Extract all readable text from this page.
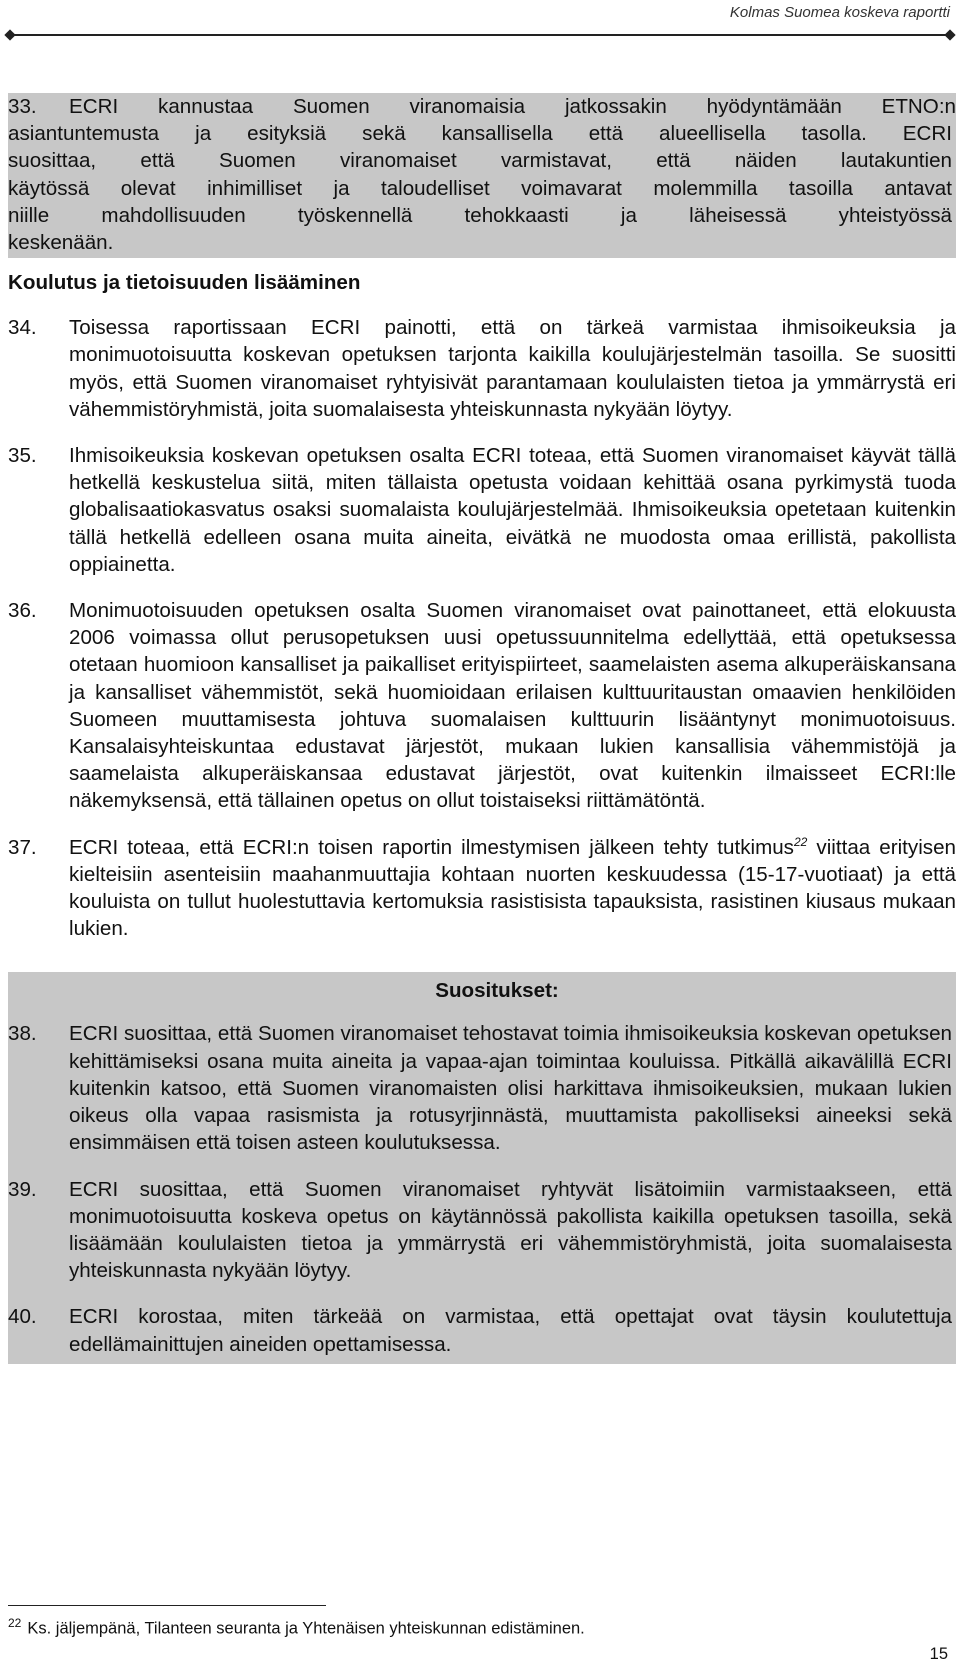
Kolmas Suomea koskeva raportti
33.	ECRI kannustaa Suomen viranomaisia jatkossakin hyödyntämään ETNO:n
asiantuntemusta ja esityksiä sekä kansallisella että alueellisella tasolla. ECRI
suosittaa, että Suomen viranomaiset varmistavat, että näiden lautakuntien
käytössä olevat inhimilliset ja taloudelliset voimavarat molemmilla tasoilla antavat
niille mahdollisuuden työskennellä tehokkaasti ja läheisessä yhteistyössä
keskenään.
Koulutus ja tietoisuuden lisääminen
34.	Toisessa raportissaan ECRI painotti, että on tärkeä varmistaa ihmisoikeuksia ja monimuotoisuutta koskevan opetuksen tarjonta kaikilla koulujärjestelmän tasoilla. Se suositti myös, että Suomen viranomaiset ryhtyisivät parantamaan koululaisten tietoa ja ymmärrystä eri vähemmistöryhmistä, joita suomalaisesta yhteiskunnasta nykyään löytyy.
35.	Ihmisoikeuksia koskevan opetuksen osalta ECRI toteaa, että Suomen viranomaiset käyvät tällä hetkellä keskustelua siitä, miten tällaista opetusta voidaan kehittää osana pyrkimystä tuoda globalisaatiokasvatus osaksi suomalaista koulujärjestelmää. Ihmisoikeuksia opetetaan kuitenkin tällä hetkellä edelleen osana muita aineita, eivätkä ne muodosta omaa erillistä, pakollista oppiainetta.
36.	Monimuotoisuuden opetuksen osalta Suomen viranomaiset ovat painottaneet, että elokuusta 2006 voimassa ollut perusopetuksen uusi opetussuunnitelma edellyttää, että opetuksessa otetaan huomioon kansalliset ja paikalliset erityispiirteet, saamelaisten asema alkuperäiskansana ja kansalliset vähemmistöt, sekä huomioidaan erilaisen kulttuuritaustan omaavien henkilöiden Suomeen muuttamisesta johtuva suomalaisen kulttuurin lisääntynyt monimuotoisuus. Kansalaisyhteiskuntaa edustavat järjestöt, mukaan lukien kansallisia vähemmistöjä ja saamelaista alkuperäiskansaa edustavat järjestöt, ovat kuitenkin ilmaisseet ECRI:lle näkemyksensä, että tällainen opetus on ollut toistaiseksi riittämätöntä.
37.	ECRI toteaa, että ECRI:n toisen raportin ilmestymisen jälkeen tehty tutkimus$^{22}$ viittaa erityisen kielteisiin asenteisiin maahanmuuttajia kohtaan nuorten keskuudessa (15-17-vuotiaat) ja että kouluista on tullut huolestuttavia kertomuksia rasistisista tapauksista, rasistinen kiusaus mukaan lukien.
Suositukset:
38.	ECRI suosittaa, että Suomen viranomaiset tehostavat toimia ihmisoikeuksia koskevan opetuksen kehittämiseksi osana muita aineita ja vapaa-ajan toimintaa kouluissa. Pitkällä aikavälillä ECRI kuitenkin katsoo, että Suomen viranomaisten olisi harkittava ihmisoikeuksien, mukaan lukien oikeus olla vapaa rasismista ja rotusyrjinnästä, muuttamista pakolliseksi aineeksi sekä ensimmäisen että toisen asteen koulutuksessa.
39.	ECRI suosittaa, että Suomen viranomaiset ryhtyvät lisätoimiin varmistaakseen, että monimuotoisuutta koskeva opetus on käytännössä pakollista kaikilla opetuksen tasoilla, sekä lisäämään koululaisten tietoa ja ymmärrystä eri vähemmistöryhmistä, joita suomalaisesta yhteiskunnasta nykyään löytyy.
40.	ECRI korostaa, miten tärkeää on varmistaa, että opettajat ovat täysin koulutettuja edellämainittujen aineiden opettamisessa.
$^{22}$ Ks. jäljempänä, Tilanteen seuranta ja Yhtenäisen yhteiskunnan edistäminen.
15
